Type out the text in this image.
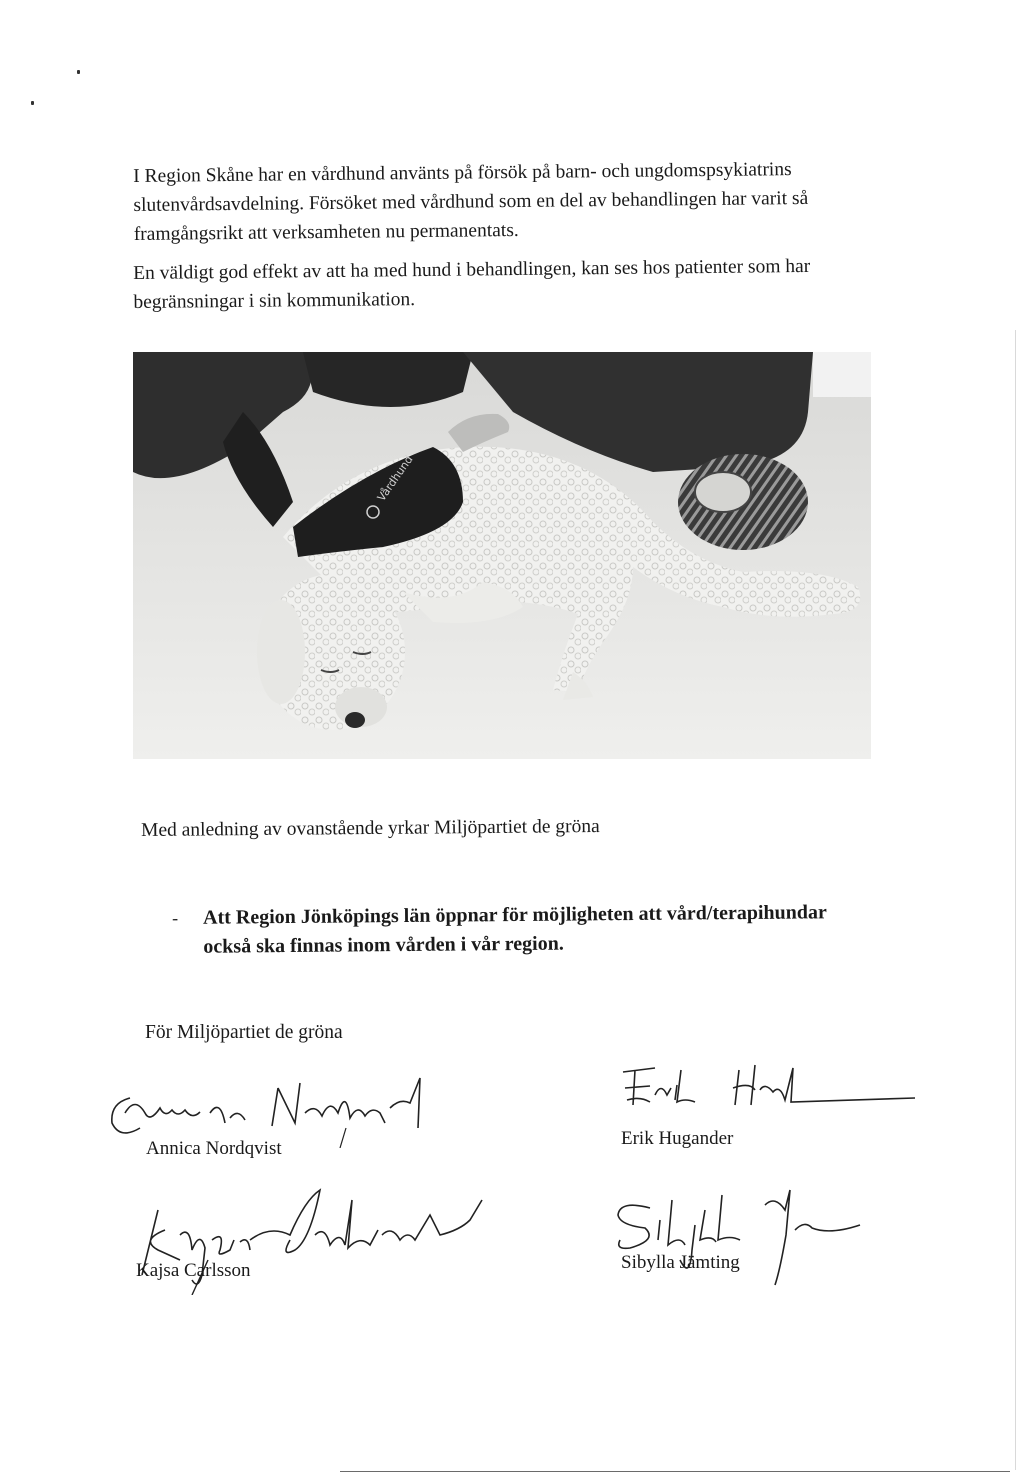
I Region Skåne har en vårdhund använts på försök på barn- och ungdomspsykiatrins slutenvårdsavdelning. Försöket med vårdhund som en del av behandlingen har varit så framgångsrikt att verksamheten nu permanentats.

En väldigt god effekt av att ha med hund i behandlingen, kan ses hos patienter som har begränsningar i sin kommunikation.

Vårdhund

Med anledning av ovanstående yrkar Miljöpartiet de gröna

- Att Region Jönköpings län öppnar för möjligheten att vård/terapihundar också ska finnas inom vården i vår region.

För Miljöpartiet de gröna

Annica Nordqvist	Erik Hugander

Kajsa Carlsson	Sibylla Jämting
